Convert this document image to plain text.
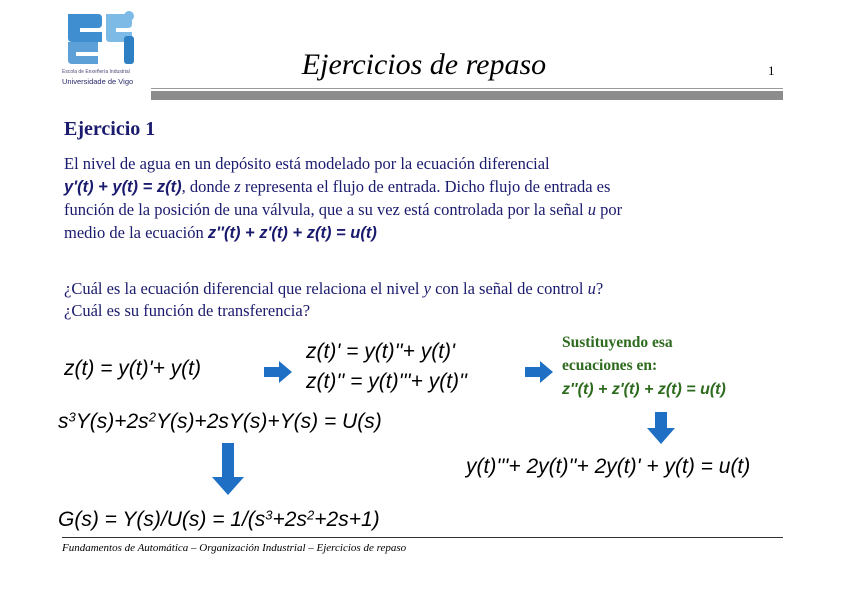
Escola de Enxeñería Industrial
Universidade de Vigo
Ejercicios de repaso	1
Ejercicio 1
El nivel de agua en un depósito está modelado por la ecuación diferencial
y'(t) + y(t) = z(t), donde z representa el flujo de entrada. Dicho flujo de entrada es
función de la posición de una válvula, que a su vez está controlada por la señal u por
medio de la ecuación z''(t) + z'(t) + z(t) = u(t)
¿Cuál es la ecuación diferencial que relaciona el nivel y con la señal de control u?
¿Cuál es su función de transferencia?
z(t) = y(t)'+ y(t)
z(t)' = y(t)''+ y(t)'
z(t)'' = y(t)'''+ y(t)''
Sustituyendo esa
ecuaciones en:
z''(t) + z'(t) + z(t) = u(t)
$s^3Y(s)+2s^2Y(s)+2sY(s)+Y(s) = U(s)$
y(t)'''+ 2y(t)''+ 2y(t)' + y(t) = u(t)
$G(s) = Y(s)/U(s) = 1/(s^3+2s^2+2s+1)$
Fundamentos de Automática – Organización Industrial – Ejercicios de repaso
